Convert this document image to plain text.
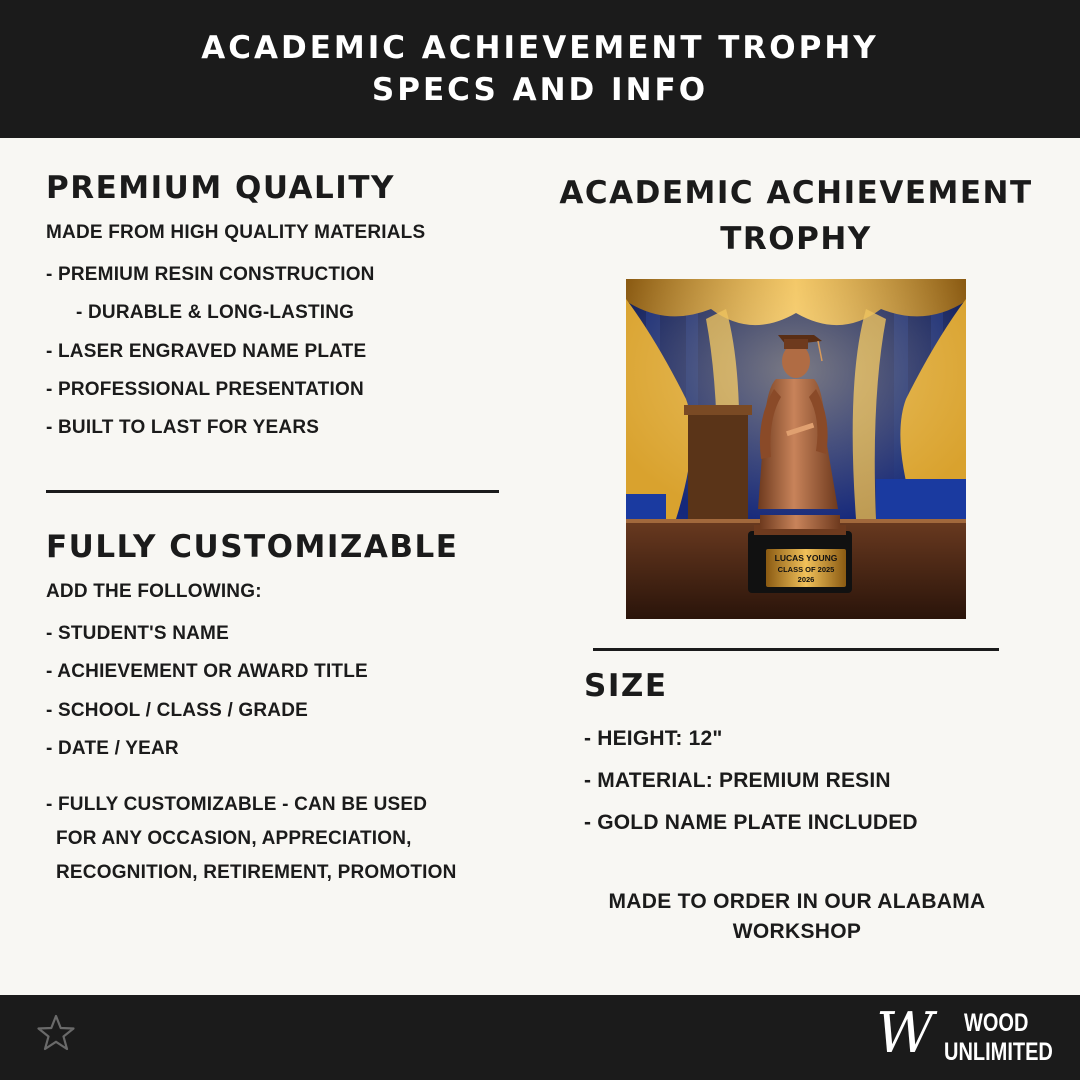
ACADEMIC ACHIEVEMENT TROPHY
SPECS AND INFO
PREMIUM QUALITY
MADE FROM HIGH QUALITY MATERIALS
- PREMIUM RESIN CONSTRUCTION
- DURABLE & LONG-LASTING
- LASER ENGRAVED NAME PLATE
- PROFESSIONAL PRESENTATION
- BUILT TO LAST FOR YEARS
FULLY CUSTOMIZABLE
ADD THE FOLLOWING:
- STUDENT'S NAME
- ACHIEVEMENT OR AWARD TITLE
- SCHOOL / CLASS / GRADE
- DATE / YEAR
- FULLY CUSTOMIZABLE - CAN BE USED
FOR ANY OCCASION, APPRECIATION,
RECOGNITION, RETIREMENT, PROMOTION
ACADEMIC ACHIEVEMENT
TROPHY
LUCAS YOUNG
CLASS OF 2025
2026
SIZE
- HEIGHT: 12"
- MATERIAL: PREMIUM RESIN
- GOLD NAME PLATE INCLUDED
MADE TO ORDER IN OUR ALABAMA
WORKSHOP
W WOOD
UNLIMITED
